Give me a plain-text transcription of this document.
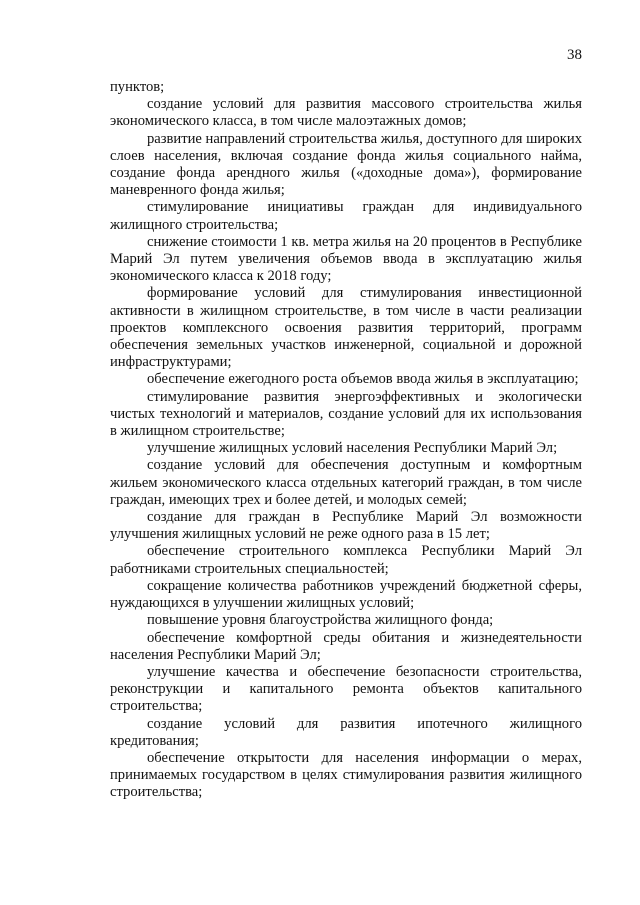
38

пунктов;

создание условий для развития массового строительства жилья экономического класса, в том числе малоэтажных домов;

развитие направлений строительства жилья, доступного для широких слоев населения, включая создание фонда жилья социального найма, создание фонда арендного жилья («доходные дома»), формирование маневренного фонда жилья;

стимулирование инициативы граждан для индивидуального жилищного строительства;

снижение стоимости 1 кв. метра жилья на 20 процентов в Республике Марий Эл путем увеличения объемов ввода в эксплуатацию жилья экономического класса к 2018 году;

формирование условий для стимулирования инвестиционной активности в жилищном строительстве, в том числе в части реализации проектов комплексного освоения развития территорий, программ обеспечения земельных участков инженерной, социальной и дорожной инфраструктурами;

обеспечение ежегодного роста объемов ввода жилья в эксплуатацию;

стимулирование развития энергоэффективных и экологически чистых технологий и материалов, создание условий для их использования в жилищном строительстве;

улучшение жилищных условий населения Республики Марий Эл;

создание условий для обеспечения доступным и комфортным жильем экономического класса отдельных категорий граждан, в том числе граждан, имеющих трех и более детей, и молодых семей;

создание для граждан в Республике Марий Эл возможности улучшения жилищных условий не реже одного раза в 15 лет;

обеспечение строительного комплекса Республики Марий Эл работниками строительных специальностей;

сокращение количества работников учреждений бюджетной сферы, нуждающихся в улучшении жилищных условий;

повышение уровня благоустройства жилищного фонда;

обеспечение комфортной среды обитания и жизнедеятельности населения Республики Марий Эл;

улучшение качества и обеспечение безопасности строительства, реконструкции и капитального ремонта объектов капитального строительства;

создание условий для развития ипотечного жилищного кредитования;

обеспечение открытости для населения информации о мерах, принимаемых государством в целях стимулирования развития жилищного строительства;
